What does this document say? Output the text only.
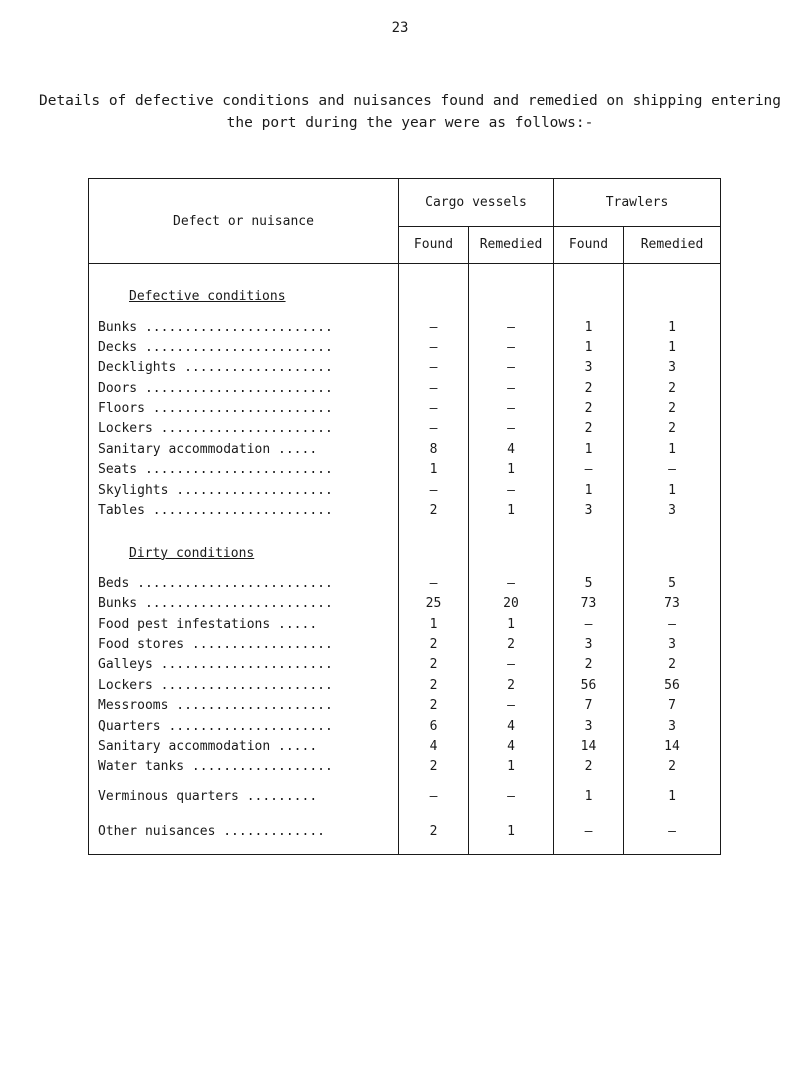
23
Details of defective conditions and nuisances found and remedied on shipping entering the port during the year were as follows:-
Defect or nuisance	Cargo vessels		Trawlers	
	Found	Remedied	Found	Remedied
Defective conditions				

Bunks ........................	–	–	1	1
Decks ........................	–	–	1	1
Decklights ...................	–	–	3	3
Doors ........................	–	–	2	2
Floors .......................	–	–	2	2
Lockers ......................	–	–	2	2
Sanitary accommodation .....	8	4	1	1
Seats ........................	1	1	–	–
Skylights ....................	–	–	1	1
Tables .......................	2	1	3	3
Dirty conditions				

Beds .........................	–	–	5	5
Bunks ........................	25	20	73	73
Food pest infestations .....	1	1	–	–
Food stores ..................	2	2	3	3
Galleys ......................	2	–	2	2
Lockers ......................	2	2	56	56
Messrooms ....................	2	–	7	7
Quarters .....................	6	4	3	3
Sanitary accommodation .....	4	4	14	14
Water tanks ..................	2	1	2	2
Verminous quarters .........	–	–	1	1
Other nuisances .............	2	1	–	–
